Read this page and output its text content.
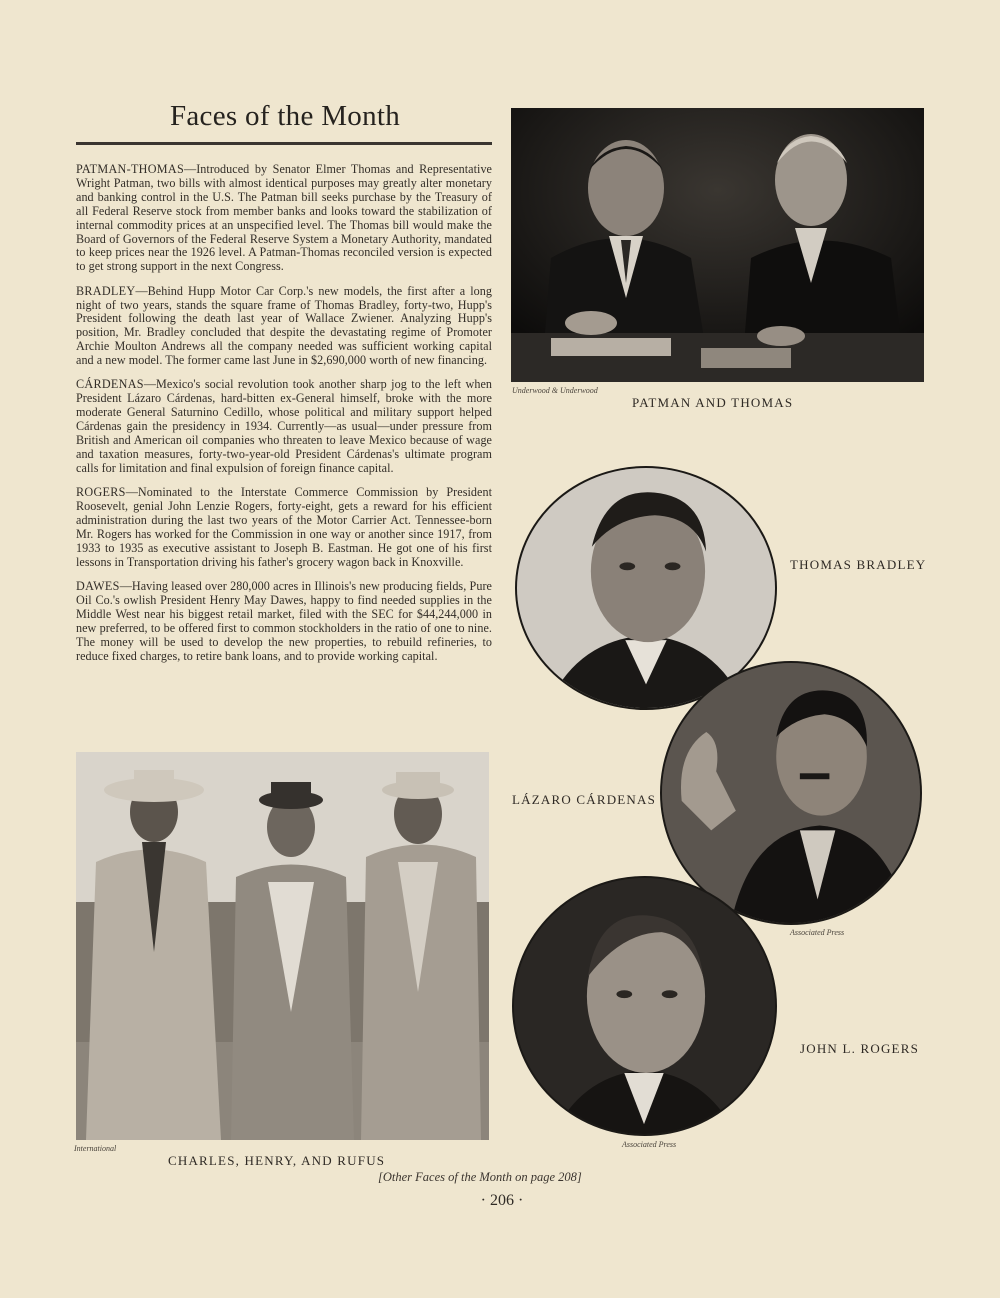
Faces of the Month

PATMAN-THOMAS—Introduced by Senator Elmer Thomas and Representative Wright Patman, two bills with almost identical purposes may greatly alter monetary and banking control in the U.S. The Patman bill seeks purchase by the Treasury of all Federal Reserve stock from member banks and looks toward the stabilization of internal commodity prices at an unspecified level. The Thomas bill would make the Board of Governors of the Federal Reserve System a Monetary Authority, mandated to keep prices near the 1926 level. A Patman-Thomas reconciled version is expected to get strong support in the next Congress.

BRADLEY—Behind Hupp Motor Car Corp.'s new models, the first after a long night of two years, stands the square frame of Thomas Bradley, forty-two, Hupp's President following the death last year of Wallace Zwiener. Analyzing Hupp's position, Mr. Bradley concluded that despite the devastating regime of Promoter Archie Moulton Andrews all the company needed was sufficient working capital and a new model. The former came last June in $2,690,000 worth of new financing.

CÁRDENAS—Mexico's social revolution took another sharp jog to the left when President Lázaro Cárdenas, hard-bitten ex-General himself, broke with the more moderate General Saturnino Cedillo, whose political and military support helped Cárdenas gain the presidency in 1934. Currently—as usual—under pressure from British and American oil companies who threaten to leave Mexico because of wage and taxation measures, forty-two-year-old President Cárdenas's ultimate program calls for limitation and final expulsion of foreign finance capital.

ROGERS—Nominated to the Interstate Commerce Commission by President Roosevelt, genial John Lenzie Rogers, forty-eight, gets a reward for his efficient administration during the last two years of the Motor Carrier Act. Tennessee-born Mr. Rogers has worked for the Commission in one way or another since 1917, from 1933 to 1935 as executive assistant to Joseph B. Eastman. He got one of his first lessons in Transportation driving his father's grocery wagon back in Knoxville.

DAWES—Having leased over 280,000 acres in Illinois's new producing fields, Pure Oil Co.'s owlish President Henry May Dawes, happy to find needed supplies in the Middle West near his biggest retail market, filed with the SEC for $44,244,000 in new preferred, to be offered first to common stockholders in the ratio of one to nine. The money will be used to develop the new properties, to rebuild refineries, to reduce fixed charges, to retire bank loans, and to provide working capital.

Underwood & Underwood
PATMAN AND THOMAS
THOMAS BRADLEY
LÁZARO CÁRDENAS
Associated Press
JOHN L. ROGERS
Associated Press
International
CHARLES, HENRY, AND RUFUS
[Other Faces of the Month on page 208]
· 206 ·
